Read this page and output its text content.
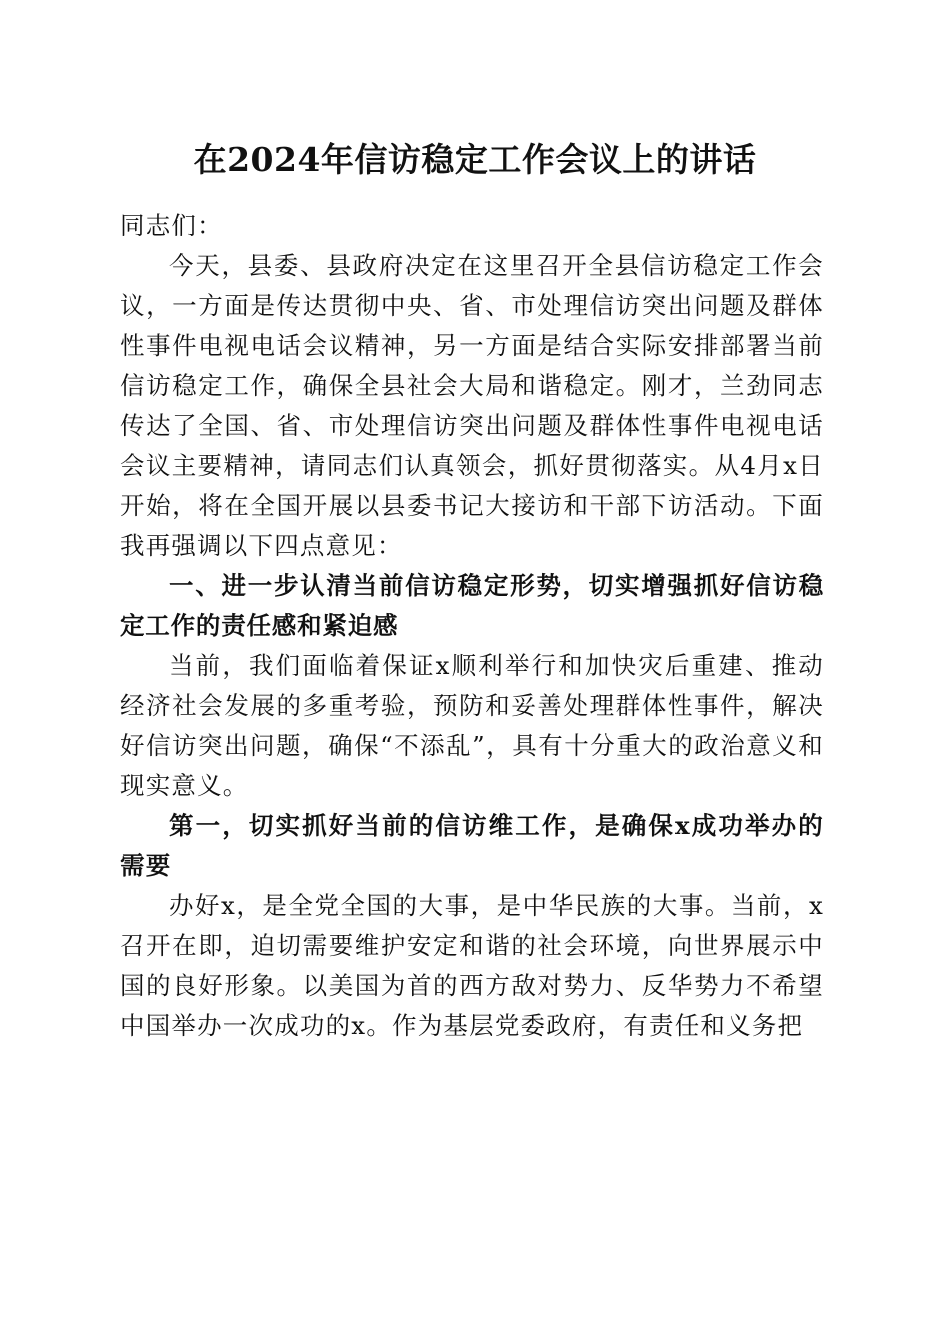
在2024年信访稳定工作会议上的讲话

同志们：

今天，县委、县政府决定在这里召开全县信访稳定工作会议，一方面是传达贯彻中央、省、市处理信访突出问题及群体性事件电视电话会议精神，另一方面是结合实际安排部署当前信访稳定工作，确保全县社会大局和谐稳定。刚才，兰劲同志传达了全国、省、市处理信访突出问题及群体性事件电视电话会议主要精神，请同志们认真领会，抓好贯彻落实。从4月x日开始，将在全国开展以县委书记大接访和干部下访活动。下面我再强调以下四点意见：

一、进一步认清当前信访稳定形势，切实增强抓好信访稳定工作的责任感和紧迫感

当前，我们面临着保证x顺利举行和加快灾后重建、推动经济社会发展的多重考验，预防和妥善处理群体性事件，解决好信访突出问题，确保“不添乱”，具有十分重大的政治意义和现实意义。

第一，切实抓好当前的信访维工作，是确保x成功举办的需要

办好x，是全党全国的大事，是中华民族的大事。当前，x召开在即，迫切需要维护安定和谐的社会环境，向世界展示中国的良好形象。以美国为首的西方敌对势力、反华势力不希望中国举办一次成功的x。作为基层党委政府，有责任和义务把
